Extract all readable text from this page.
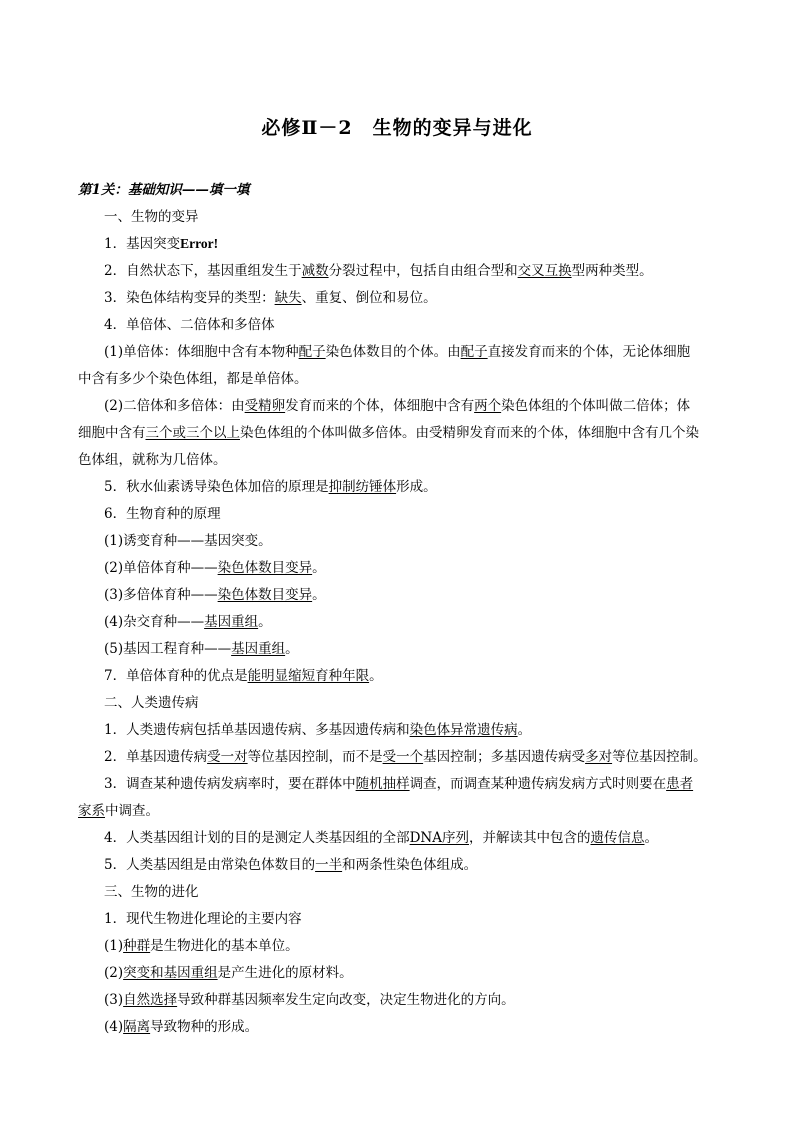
必修Ⅱ－2　生物的变异与进化
第1关：基础知识——填一填
一、生物的变异
1．基因突变Error!
2．自然状态下，基因重组发生于减数分裂过程中，包括自由组合型和交叉互换型两种类型。
3．染色体结构变异的类型：缺失、重复、倒位和易位。
4．单倍体、二倍体和多倍体
(1)单倍体：体细胞中含有本物种配子染色体数目的个体。由配子直接发育而来的个体，无论体细胞
中含有多少个染色体组，都是单倍体。
(2)二倍体和多倍体：由受精卵发育而来的个体，体细胞中含有两个染色体组的个体叫做二倍体；体
细胞中含有三个或三个以上染色体组的个体叫做多倍体。由受精卵发育而来的个体，体细胞中含有几个染
色体组，就称为几倍体。
5．秋水仙素诱导染色体加倍的原理是抑制纺锤体形成。
6．生物育种的原理
(1)诱变育种——基因突变。
(2)单倍体育种——染色体数目变异。
(3)多倍体育种——染色体数目变异。
(4)杂交育种——基因重组。
(5)基因工程育种——基因重组。
7．单倍体育种的优点是能明显缩短育种年限。
二、人类遗传病
1．人类遗传病包括单基因遗传病、多基因遗传病和染色体异常遗传病。
2．单基因遗传病受一对等位基因控制，而不是受一个基因控制；多基因遗传病受多对等位基因控制。
3．调查某种遗传病发病率时，要在群体中随机抽样调查，而调查某种遗传病发病方式时则要在患者
家系中调查。
4．人类基因组计划的目的是测定人类基因组的全部DNA序列，并解读其中包含的遗传信息。
5．人类基因组是由常染色体数目的一半和两条性染色体组成。
三、生物的进化
1．现代生物进化理论的主要内容
(1)种群是生物进化的基本单位。
(2)突变和基因重组是产生进化的原材料。
(3)自然选择导致种群基因频率发生定向改变，决定生物进化的方向。
(4)隔离导致物种的形成。
